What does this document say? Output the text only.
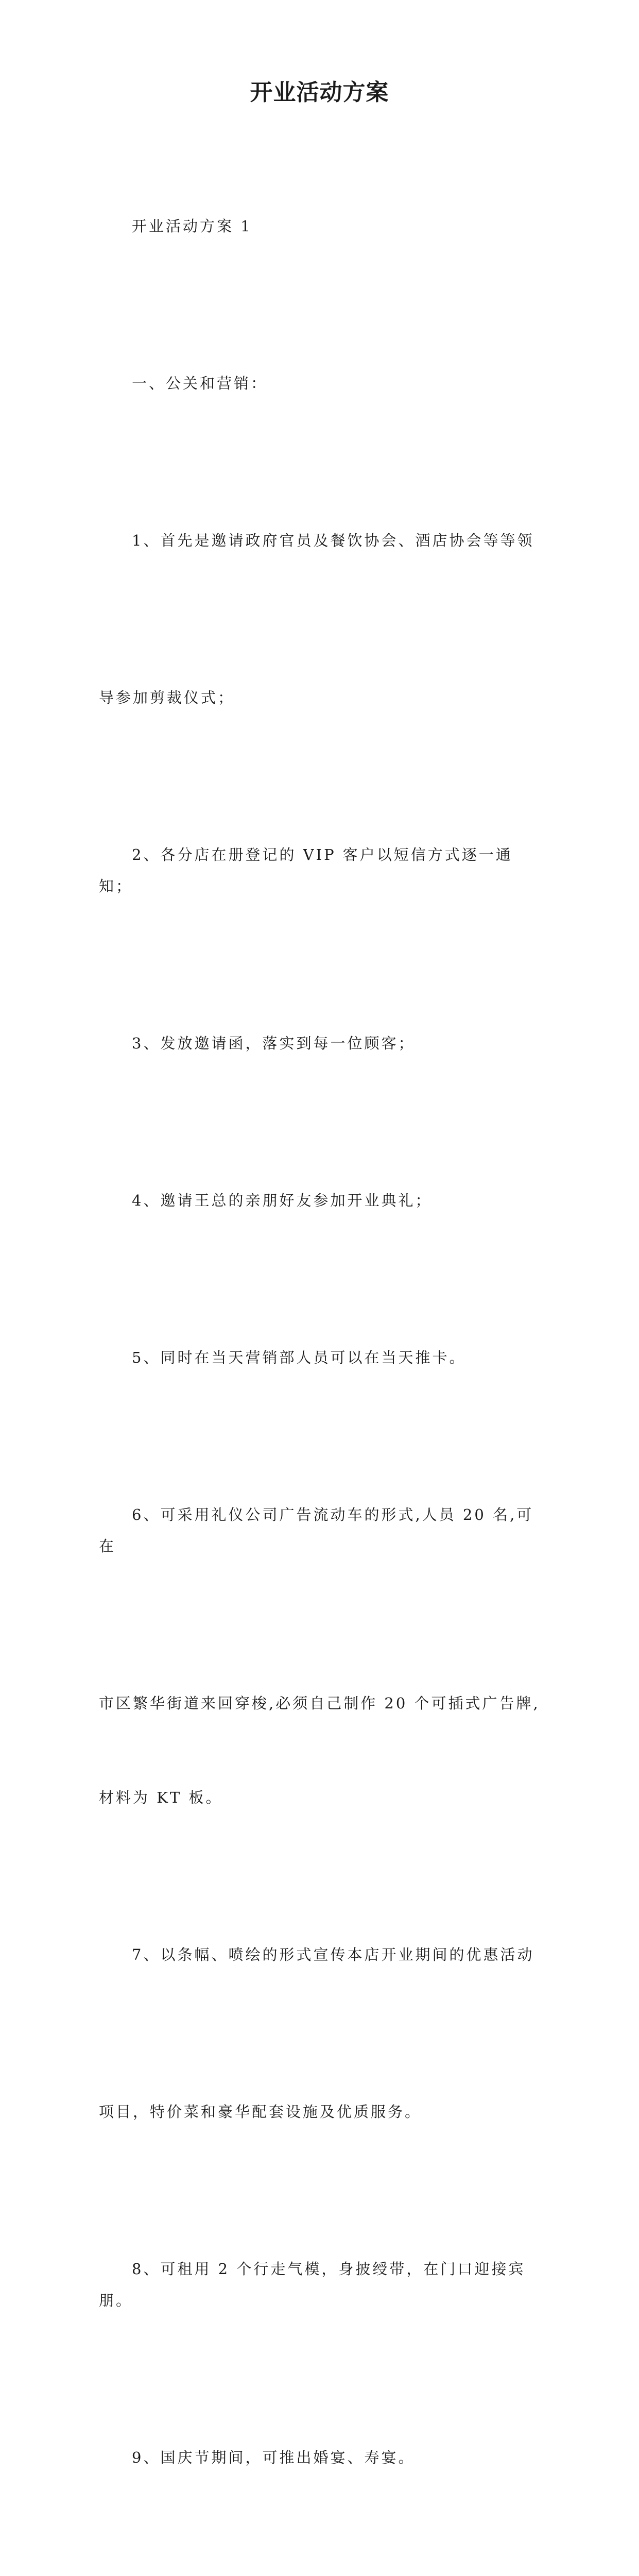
开业活动方案

开业活动方案 1

一、公关和营销：

1、首先是邀请政府官员及餐饮协会、酒店协会等等领

导参加剪裁仪式；

2、各分店在册登记的 VIP 客户以短信方式逐一通知；

3、发放邀请函，落实到每一位顾客；

4、邀请王总的亲朋好友参加开业典礼；

5、同时在当天营销部人员可以在当天推卡。

6、可采用礼仪公司广告流动车的形式,人员 20 名,可在

市区繁华街道来回穿梭,必须自己制作 20 个可插式广告牌,

材料为 KT 板。

7、以条幅、喷绘的形式宣传本店开业期间的优惠活动

项目，特价菜和豪华配套设施及优质服务。

8、可租用 2 个行走气模，身披绶带，在门口迎接宾朋。

9、国庆节期间，可推出婚宴、寿宴。
